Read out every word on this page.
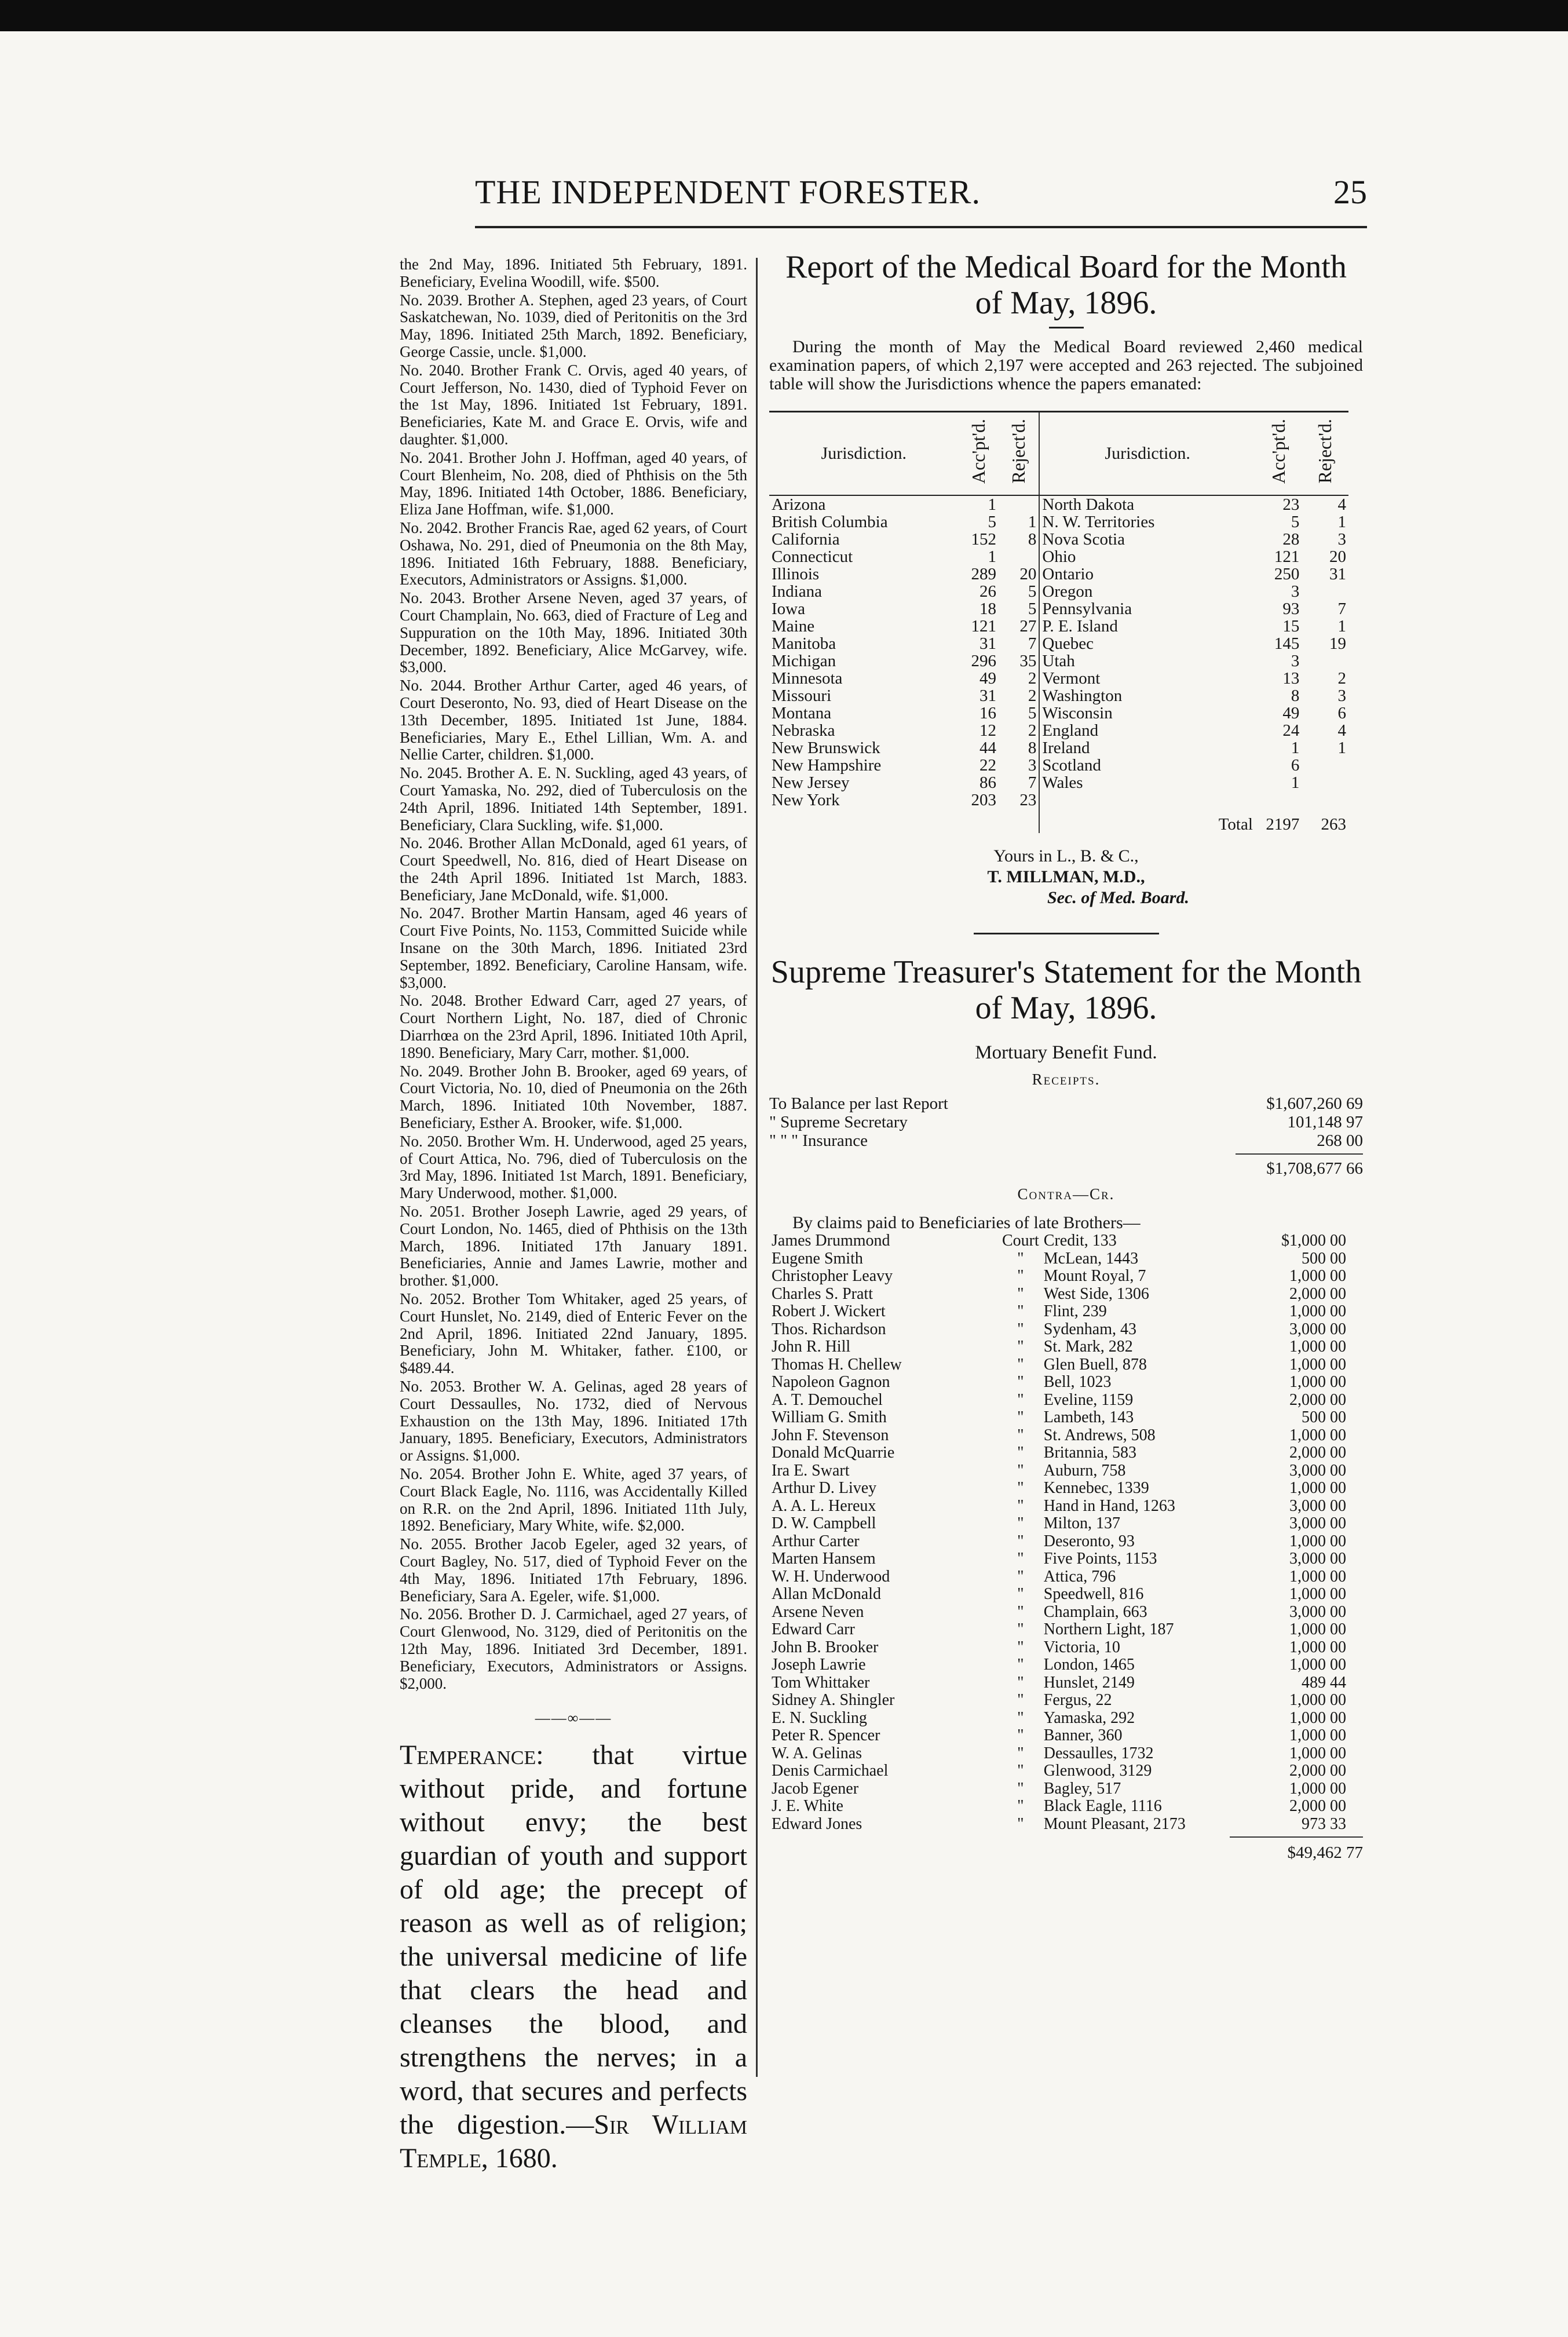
THE INDEPENDENT FORESTER.	25

the 2nd May, 1896. Initiated 5th February, 1891. Beneficiary, Evelina Woodill, wife. $500.

No. 2039. Brother A. Stephen, aged 23 years, of Court Saskatchewan, No. 1039, died of Peritonitis on the 3rd May, 1896. Initiated 25th March, 1892. Beneficiary, George Cassie, uncle. $1,000.

No. 2040. Brother Frank C. Orvis, aged 40 years, of Court Jefferson, No. 1430, died of Typhoid Fever on the 1st May, 1896. Initiated 1st February, 1891. Beneficiaries, Kate M. and Grace E. Orvis, wife and daughter. $1,000.

No. 2041. Brother John J. Hoffman, aged 40 years, of Court Blenheim, No. 208, died of Phthisis on the 5th May, 1896. Initiated 14th October, 1886. Beneficiary, Eliza Jane Hoffman, wife. $1,000.

No. 2042. Brother Francis Rae, aged 62 years, of Court Oshawa, No. 291, died of Pneumonia on the 8th May, 1896. Initiated 16th February, 1888. Beneficiary, Executors, Administrators or Assigns. $1,000.

No. 2043. Brother Arsene Neven, aged 37 years, of Court Champlain, No. 663, died of Fracture of Leg and Suppuration on the 10th May, 1896. Initiated 30th December, 1892. Beneficiary, Alice McGarvey, wife. $3,000.

No. 2044. Brother Arthur Carter, aged 46 years, of Court Deseronto, No. 93, died of Heart Disease on the 13th December, 1895. Initiated 1st June, 1884. Beneficiaries, Mary E., Ethel Lillian, Wm. A. and Nellie Carter, children. $1,000.

No. 2045. Brother A. E. N. Suckling, aged 43 years, of Court Yamaska, No. 292, died of Tuberculosis on the 24th April, 1896. Initiated 14th September, 1891. Beneficiary, Clara Suckling, wife. $1,000.

No. 2046. Brother Allan McDonald, aged 61 years, of Court Speedwell, No. 816, died of Heart Disease on the 24th April 1896. Initiated 1st March, 1883. Beneficiary, Jane McDonald, wife. $1,000.

No. 2047. Brother Martin Hansam, aged 46 years of Court Five Points, No. 1153, Committed Suicide while Insane on the 30th March, 1896. Initiated 23rd September, 1892. Beneficiary, Caroline Hansam, wife. $3,000.

No. 2048. Brother Edward Carr, aged 27 years, of Court Northern Light, No. 187, died of Chronic Diarrhœa on the 23rd April, 1896. Initiated 10th April, 1890. Beneficiary, Mary Carr, mother. $1,000.

No. 2049. Brother John B. Brooker, aged 69 years, of Court Victoria, No. 10, died of Pneumonia on the 26th March, 1896. Initiated 10th November, 1887. Beneficiary, Esther A. Brooker, wife. $1,000.

No. 2050. Brother Wm. H. Underwood, aged 25 years, of Court Attica, No. 796, died of Tuberculosis on the 3rd May, 1896. Initiated 1st March, 1891. Beneficiary, Mary Underwood, mother. $1,000.

No. 2051. Brother Joseph Lawrie, aged 29 years, of Court London, No. 1465, died of Phthisis on the 13th March, 1896. Initiated 17th January 1891. Beneficiaries, Annie and James Lawrie, mother and brother. $1,000.

No. 2052. Brother Tom Whitaker, aged 25 years, of Court Hunslet, No. 2149, died of Enteric Fever on the 2nd April, 1896. Initiated 22nd January, 1895. Beneficiary, John M. Whitaker, father. £100, or $489.44.

No. 2053. Brother W. A. Gelinas, aged 28 years of Court Dessaulles, No. 1732, died of Nervous Exhaustion on the 13th May, 1896. Initiated 17th January, 1895. Beneficiary, Executors, Administrators or Assigns. $1,000.

No. 2054. Brother John E. White, aged 37 years, of Court Black Eagle, No. 1116, was Accidentally Killed on R.R. on the 2nd April, 1896. Initiated 11th July, 1892. Beneficiary, Mary White, wife. $2,000.

No. 2055. Brother Jacob Egeler, aged 32 years, of Court Bagley, No. 517, died of Typhoid Fever on the 4th May, 1896. Initiated 17th February, 1896. Beneficiary, Sara A. Egeler, wife. $1,000.

No. 2056. Brother D. J. Carmichael, aged 27 years, of Court Glenwood, No. 3129, died of Peritonitis on the 12th May, 1896. Initiated 3rd December, 1891. Beneficiary, Executors, Administrators or Assigns. $2,000.

——∞——

Temperance: that virtue without pride, and fortune without envy; the best guardian of youth and support of old age; the precept of reason as well as of religion; the universal medicine of life that clears the head and cleanses the blood, and strengthens the nerves; in a word, that secures and perfects the digestion.—Sir William Temple, 1680.

Report of the Medical Board for the Month of May, 1896.

During the month of May the Medical Board reviewed 2,460 medical examination papers, of which 2,197 were accepted and 263 rejected. The subjoined table will show the Jurisdictions whence the papers emanated:

Jurisdiction.	Acc'pt'd.	Reject'd.	Jurisdiction.	Acc'pt'd.	Reject'd.
Arizona	1		North Dakota	23	4
British Columbia	5	1	N. W. Territories	5	1
California	152	8	Nova Scotia	28	3
Connecticut	1		Ohio	121	20
Illinois	289	20	Ontario	250	31
Indiana	26	5	Oregon	3	
Iowa	18	5	Pennsylvania	93	7
Maine	121	27	P. E. Island	15	1
Manitoba	31	7	Quebec	145	19
Michigan	296	35	Utah	3	
Minnesota	49	2	Vermont	13	2
Missouri	31	2	Washington	8	3
Montana	16	5	Wisconsin	49	6
Nebraska	12	2	England	24	4
New Brunswick	44	8	Ireland	1	1
New Hampshire	22	3	Scotland	6	
New Jersey	86	7	Wales	1	
New York	203	23			
			Total	2197	263
Yours in L., B. & C.,
T. MILLMAN, M.D.,
Sec. of Med. Board.
Supreme Treasurer's Statement for the Month of May, 1896.
Mortuary Benefit Fund.
Receipts.
To Balance per last Report	$1,607,260 69
" Supreme Secretary	101,148 97
" " " Insurance	268 00
$1,708,677 66
Contra—Cr.
By claims paid to Beneficiaries of late Brothers—
James Drummond	Court	Credit, 133	$1,000 00
Eugene Smith	"	McLean, 1443	500 00
Christopher Leavy	"	Mount Royal, 7	1,000 00
Charles S. Pratt	"	West Side, 1306	2,000 00
Robert J. Wickert	"	Flint, 239	1,000 00
Thos. Richardson	"	Sydenham, 43	3,000 00
John R. Hill	"	St. Mark, 282	1,000 00
Thomas H. Chellew	"	Glen Buell, 878	1,000 00
Napoleon Gagnon	"	Bell, 1023	1,000 00
A. T. Demouchel	"	Eveline, 1159	2,000 00
William G. Smith	"	Lambeth, 143	500 00
John F. Stevenson	"	St. Andrews, 508	1,000 00
Donald McQuarrie	"	Britannia, 583	2,000 00
Ira E. Swart	"	Auburn, 758	3,000 00
Arthur D. Livey	"	Kennebec, 1339	1,000 00
A. A. L. Hereux	"	Hand in Hand, 1263	3,000 00
D. W. Campbell	"	Milton, 137	3,000 00
Arthur Carter	"	Deseronto, 93	1,000 00
Marten Hansem	"	Five Points, 1153	3,000 00
W. H. Underwood	"	Attica, 796	1,000 00
Allan McDonald	"	Speedwell, 816	1,000 00
Arsene Neven	"	Champlain, 663	3,000 00
Edward Carr	"	Northern Light, 187	1,000 00
John B. Brooker	"	Victoria, 10	1,000 00
Joseph Lawrie	"	London, 1465	1,000 00
Tom Whittaker	"	Hunslet, 2149	489 44
Sidney A. Shingler	"	Fergus, 22	1,000 00
E. N. Suckling	"	Yamaska, 292	1,000 00
Peter R. Spencer	"	Banner, 360	1,000 00
W. A. Gelinas	"	Dessaulles, 1732	1,000 00
Denis Carmichael	"	Glenwood, 3129	2,000 00
Jacob Egener	"	Bagley, 517	1,000 00
J. E. White	"	Black Eagle, 1116	2,000 00
Edward Jones	"	Mount Pleasant, 2173	973 33
$49,462 77
